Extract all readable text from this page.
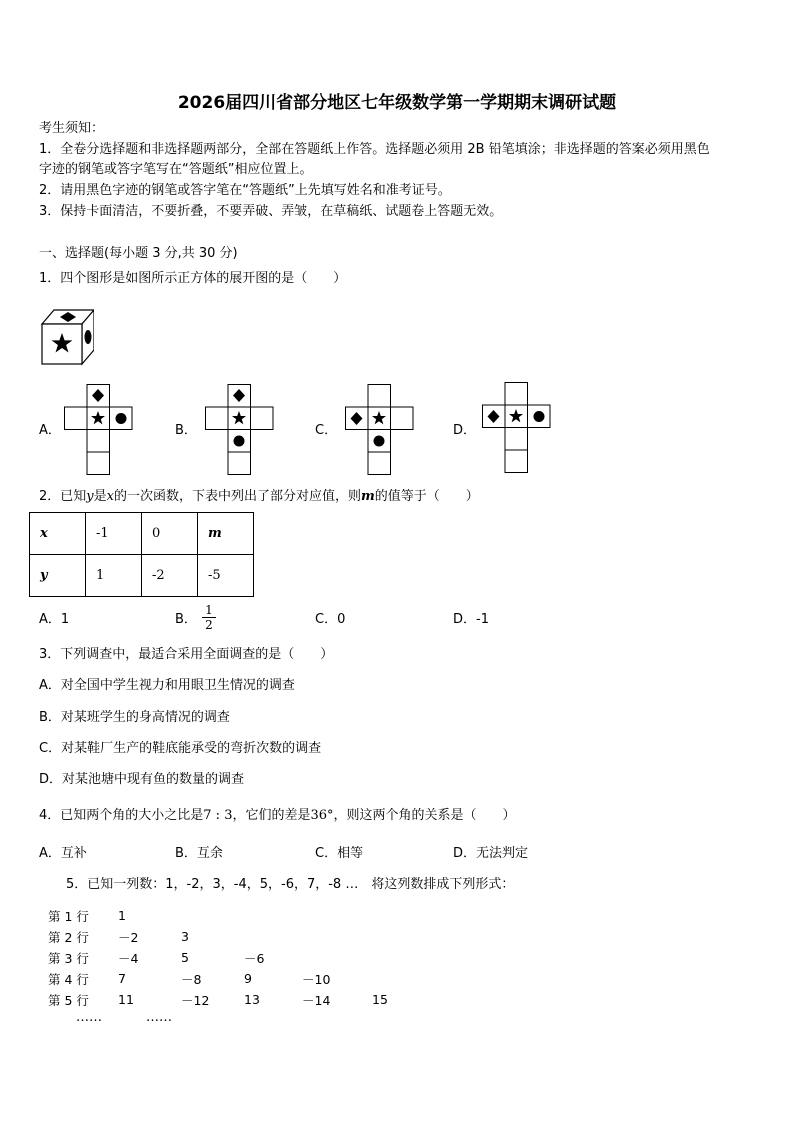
2026届四川省部分地区七年级数学第一学期期末调研试题
考生须知：
1．全卷分选择题和非选择题两部分，全部在答题纸上作答。选择题必须用 2B 铅笔填涂；非选择题的答案必须用黑色
字迹的钢笔或答字笔写在“答题纸”相应位置上。
2．请用黑色字迹的钢笔或答字笔在“答题纸”上先填写姓名和准考证号。
3．保持卡面清洁，不要折叠，不要弄破、弄皱，在草稿纸、试题卷上答题无效。
一、选择题(每小题 3 分,共 30 分)
1．四个图形是如图所示正方体的展开图的是（　　）
A．	B．	C．	D．
2．已知y是x的一次函数，下表中列出了部分对应值，则m的值等于（　　）
x	-1	0	m
y	1	-2	-5
A．1	B． $\frac{1}{2}$	C．0	D．-1
3．下列调查中，最适合采用全面调查的是（　　）
A．对全国中学生视力和用眼卫生情况的调查
B．对某班学生的身高情况的调查
C．对某鞋厂生产的鞋底能承受的弯折次数的调查
D．对某池塘中现有鱼的数量的调查
4．已知两个角的大小之比是7 : 3，它们的差是36°，则这两个角的关系是（　　）
A．互补	B．互余	C．相等	D．无法判定
5．已知一列数：1，-2，3，-4，5，-6，7，-8 …　将这列数排成下列形式：
第 1 行	1				
第 2 行	－2	3			
第 3 行	－4	5	－6		
第 4 行	7	－8	9	－10	
第 5 行	11	－12	13	－14	15
……	……
